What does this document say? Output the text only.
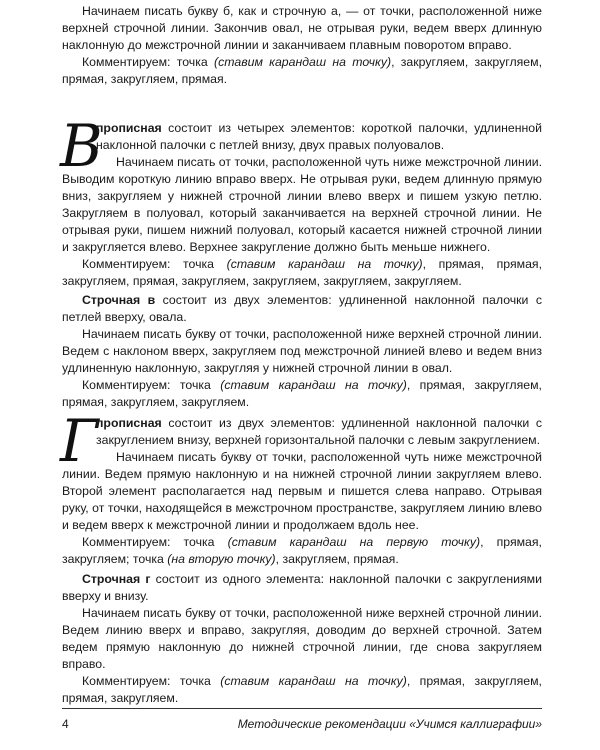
Начинаем писать букву б, как и строчную а, — от точки, расположенной ниже верхней строчной линии. Закончив овал, не отрывая руки, ведем вверх длинную наклонную до межстрочной линии и заканчиваем плавным поворотом вправо.

Комментируем: точка (ставим карандаш на точку), закругляем, закругляем, прямая, закругляем, прямая.

В
прописная состоит из четырех элементов: короткой палочки, удлиненной наклонной палочки с петлей внизу, двух правых полуовалов.

Начинаем писать от точки, расположенной чуть ниже межстрочной линии. Выводим короткую линию вправо вверх. Не отрывая руки, ведем длинную прямую вниз, закругляем у нижней строчной линии влево вверх и пишем узкую петлю. Закругляем в полуовал, который заканчивается на верхней строчной линии. Не отрывая руки, пишем нижний полуовал, который касается нижней строчной линии и закругляется влево. Верхнее закругление должно быть меньше нижнего.

Комментируем: точка (ставим карандаш на точку), прямая, прямая, закругляем, прямая, закругляем, закругляем, закругляем, закругляем.

Строчная в состоит из двух элементов: удлиненной наклонной палочки с петлей вверху, овала.

Начинаем писать букву от точки, расположенной ниже верхней строчной линии. Ведем с наклоном вверх, закругляем под межстрочной линией влево и ведем вниз удлиненную наклонную, закругляя у нижней строчной линии в овал.

Комментируем: точка (ставим карандаш на точку), прямая, закругляем, прямая, закругляем, закругляем.

Г
прописная состоит из двух элементов: удлиненной наклонной палочки с закруглением внизу, верхней горизонтальной палочки с левым закруглением.

Начинаем писать букву от точки, расположенной чуть ниже межстрочной линии. Ведем прямую наклонную и на нижней строчной линии закругляем влево. Второй элемент располагается над первым и пишется слева направо. Отрывая руку, от точки, находящейся в межстрочном пространстве, закругляем линию влево и ведем вверх к межстрочной линии и продолжаем вдоль нее.

Комментируем: точка (ставим карандаш на первую точку), прямая, закругляем; точка (на вторую точку), закругляем, прямая.

Строчная г состоит из одного элемента: наклонной палочки с закруглениями вверху и внизу.

Начинаем писать букву от точки, расположенной ниже верхней строчной линии. Ведем линию вверх и вправо, закругляя, доводим до верхней строчной. Затем ведем прямую наклонную до нижней строчной линии, где снова закругляем вправо.

Комментируем: точка (ставим карандаш на точку), прямая, закругляем, прямая, закругляем.

4	Методические рекомендации «Учимся каллиграфии»
